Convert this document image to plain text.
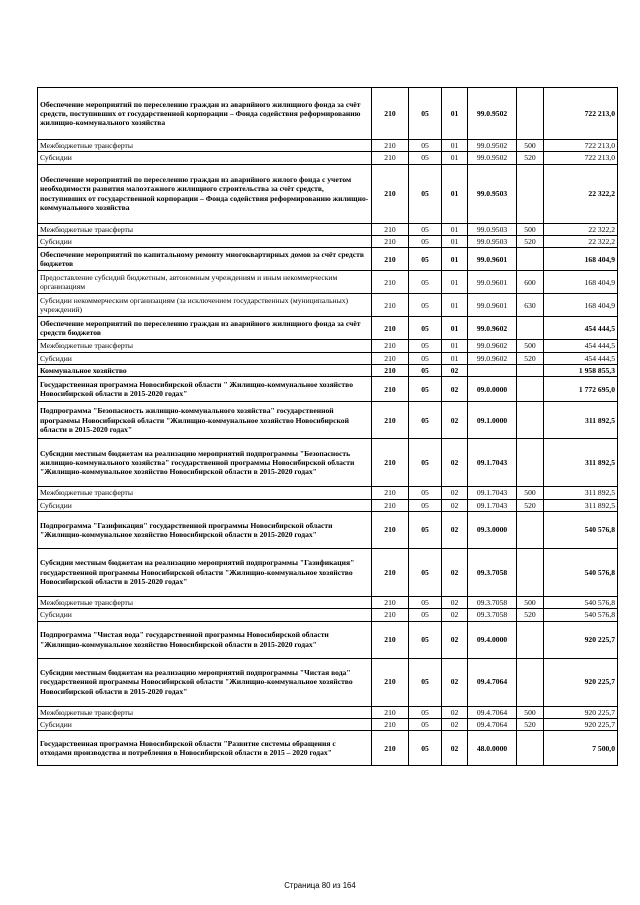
Обеспечение мероприятий по переселению граждан из аварийного жилищного фонда за счёт средств, поступивших от государственной корпорации – Фонда содействия реформированию жилищно-коммунального хозяйства	210	05	01	99.0.9502		722 213,0
Межбюджетные трансферты	210	05	01	99.0.9502	500	722 213,0
Субсидии	210	05	01	99.0.9502	520	722 213,0
Обеспечение мероприятий по переселению граждан из аварийного жилого фонда с учетом необходимости развития малоэтажного жилищного строительства за счёт средств, поступивших от государственной корпорации – Фонда содействия реформированию жилищно-коммунального хозяйства	210	05	01	99.0.9503		22 322,2
Межбюджетные трансферты	210	05	01	99.0.9503	500	22 322,2
Субсидии	210	05	01	99.0.9503	520	22 322,2
Обеспечение мероприятий по капитальному ремонту многоквартирных домов за счёт средств бюджетов	210	05	01	99.0.9601		168 404,9
Предоставление субсидий бюджетным, автономным учреждениям и иным некоммерческим организациям	210	05	01	99.0.9601	600	168 404,9
Субсидии некоммерческим организациям (за исключением государственных (муниципальных) учреждений)	210	05	01	99.0.9601	630	168 404,9
Обеспечение мероприятий по переселению граждан из аварийного жилищного фонда за счёт средств бюджетов	210	05	01	99.0.9602		454 444,5
Межбюджетные трансферты	210	05	01	99.0.9602	500	454 444,5
Субсидии	210	05	01	99.0.9602	520	454 444,5
Коммунальное хозяйство	210	05	02			1 958 855,3
Государственная программа Новосибирской области " Жилищно-коммунальное хозяйство Новосибирской области в 2015-2020 годах"	210	05	02	09.0.0000		1 772 695,0
Подпрограмма "Безопасность жилищно-коммунального хозяйства" государственной программы Новосибирской области "Жилищно-коммунальное хозяйство Новосибирской области в 2015-2020 годах"	210	05	02	09.1.0000		311 892,5
Субсидии местным бюджетам на реализацию мероприятий подпрограммы "Безопасность жилищно-коммунального хозяйства" государственной программы Новосибирской области "Жилищно-коммунальное хозяйство Новосибирской области в 2015-2020 годах"	210	05	02	09.1.7043		311 892,5
Межбюджетные трансферты	210	05	02	09.1.7043	500	311 892,5
Субсидии	210	05	02	09.1.7043	520	311 892,5
Подпрограмма "Газификация" государственной программы Новосибирской области "Жилищно-коммунальное хозяйство Новосибирской области в 2015-2020 годах"	210	05	02	09.3.0000		540 576,8
Субсидии местным бюджетам на реализацию мероприятий подпрограммы "Газификация" государственной программы Новосибирской области "Жилищно-коммунальное хозяйство Новосибирской области в 2015-2020 годах"	210	05	02	09.3.7058		540 576,8
Межбюджетные трансферты	210	05	02	09.3.7058	500	540 576,8
Субсидии	210	05	02	09.3.7058	520	540 576,8
Подпрограмма "Чистая вода" государственной программы Новосибирской области "Жилищно-коммунальное хозяйство Новосибирской области в 2015-2020 годах"	210	05	02	09.4.0000		920 225,7
Субсидии местным бюджетам на реализацию мероприятий подпрограммы "Чистая вода" государственной программы Новосибирской области "Жилищно-коммунальное хозяйство Новосибирской области в 2015-2020 годах"	210	05	02	09.4.7064		920 225,7
Межбюджетные трансферты	210	05	02	09.4.7064	500	920 225,7
Субсидии	210	05	02	09.4.7064	520	920 225,7
Государственная программа Новосибирской области "Развитие системы обращения с отходами производства и потребления в Новосибирской области в 2015 – 2020 годах"	210	05	02	48.0.0000		7 500,0
Страница 80 из 164
